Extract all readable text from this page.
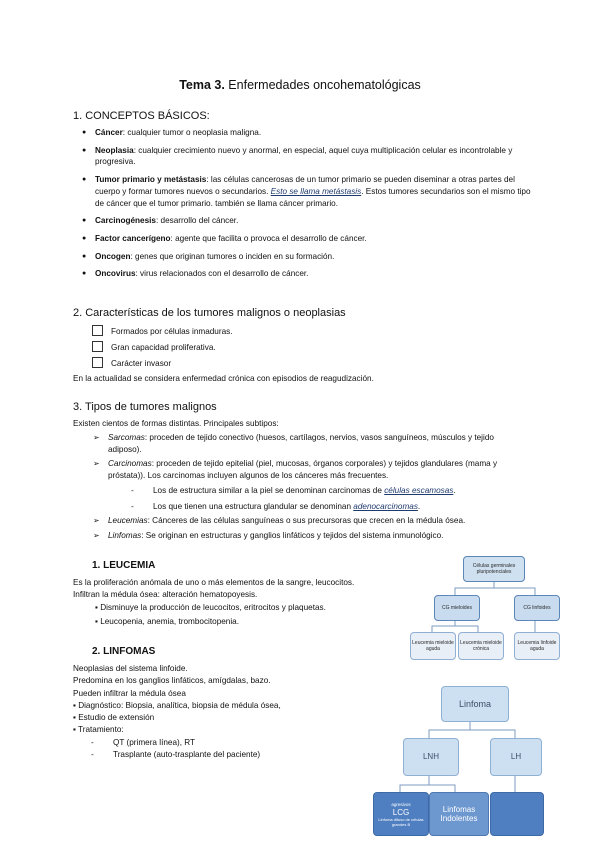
Tema 3. Enfermedades oncohematológicas
1. CONCEPTOS BÁSICOS:
● Cáncer: cualquier tumor o neoplasia maligna.
● Neoplasia: cualquier crecimiento nuevo y anormal, en especial, aquel cuya multiplicación celular es incontrolable y progresiva.
● Tumor primario y metástasis: las células cancerosas de un tumor primario se pueden diseminar a otras partes del cuerpo y formar tumores nuevos o secundarios. Esto se llama metástasis. Estos tumores secundarios son el mismo tipo de cáncer que el tumor primario. también se llama cáncer primario.
● Carcinogénesis: desarrollo del cáncer.
● Factor cancerígeno: agente que facilita o provoca el desarrollo de cáncer.
● Oncogen: genes que originan tumores o inciden en su formación.
● Oncovirus: virus relacionados con el desarrollo de cáncer.
2. Características de los tumores malignos o neoplasias
Formados por células inmaduras.
Gran capacidad proliferativa.
Carácter invasor
En la actualidad se considera enfermedad crónica con episodios de reagudización.
3. Tipos de tumores malignos
Existen cientos de formas distintas. Principales subtipos:
➢ Sarcomas: proceden de tejido conectivo (huesos, cartílagos, nervios, vasos sanguíneos, músculos y tejido adiposo).
➢ Carcinomas: proceden de tejido epitelial (piel, mucosas, órganos corporales) y tejidos glandulares (mama y próstata)). Los carcinomas incluyen algunos de los cánceres más frecuentes.
- Los de estructura similar a la piel se denominan carcinomas de células escamosas.
- Los que tienen una estructura glandular se denominan adenocarcinomas.
➢ Leucemias: Cánceres de las células sanguíneas o sus precursoras que crecen en la médula ósea.
➢ Linfomas: Se originan en estructuras y ganglios linfáticos y tejidos del sistema inmunológico.
1. LEUCEMIA
Es la proliferación anómala de uno o más elementos de la sangre, leucocitos.
Infiltran la médula ósea: alteración hematopoyesis.
▪ Disminuye la producción de leucocitos, eritrocitos y plaquetas.
▪ Leucopenia, anemia, trombocitopenia.
2. LINFOMAS
Neoplasias del sistema linfoide.
Predomina en los ganglios linfáticos, amígdalas, bazo.
Pueden infiltrar la médula ósea
▪ Diagnóstico: Biopsia, analítica, biopsia de médula ósea,
▪ Estudio de extensión
▪ Tratamiento:
- QT (primera línea), RT
- Trasplante (auto-trasplante del paciente)
Células germinales pluripotenciales
CG mieloides	CG linfoides
Leucemia mieloide aguda
Leucemia mieloide crónica
Leucemia linfoide aguda
Linfoma
LNH	LH
agresivos
LCG
Linfoma difuso de células grandes B
Linfomas Indolentes
